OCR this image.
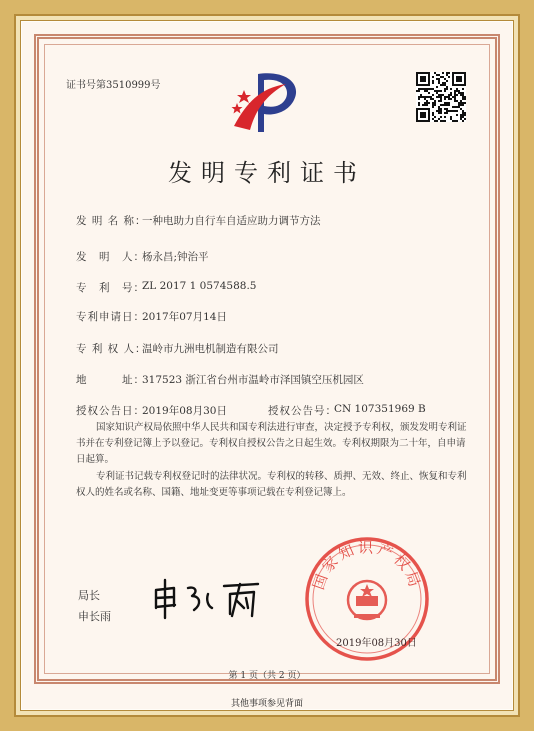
证书号第3510999号
发明专利证书
发 明 名 称：
一种电助力自行车自适应助力调节方法
发　明　人：
杨永昌;钟治平
专　利　号：
ZL 2017 1 0574588.5
专利申请日：
2017年07月14日
专 利 权 人：
温岭市九洲电机制造有限公司
地　　　址：
317523 浙江省台州市温岭市泽国镇空压机园区
授权公告日：
2019年08月30日	授权公告号：
CN 107351969 B
国家知识产权局依照中华人民共和国专利法进行审查，决定授予专利权，颁发发明专利证书并在专利登记簿上予以登记。专利权自授权公告之日起生效。专利权期限为二十年，自申请日起算。
专利证书记载专利权登记时的法律状况。专利权的转移、质押、无效、终止、恢复和专利权人的姓名或名称、国籍、地址变更等事项记载在专利登记簿上。
局长
申长雨
国家知识产权局
2019年08月30日
第 1 页（共 2 页）
其他事项参见背面
